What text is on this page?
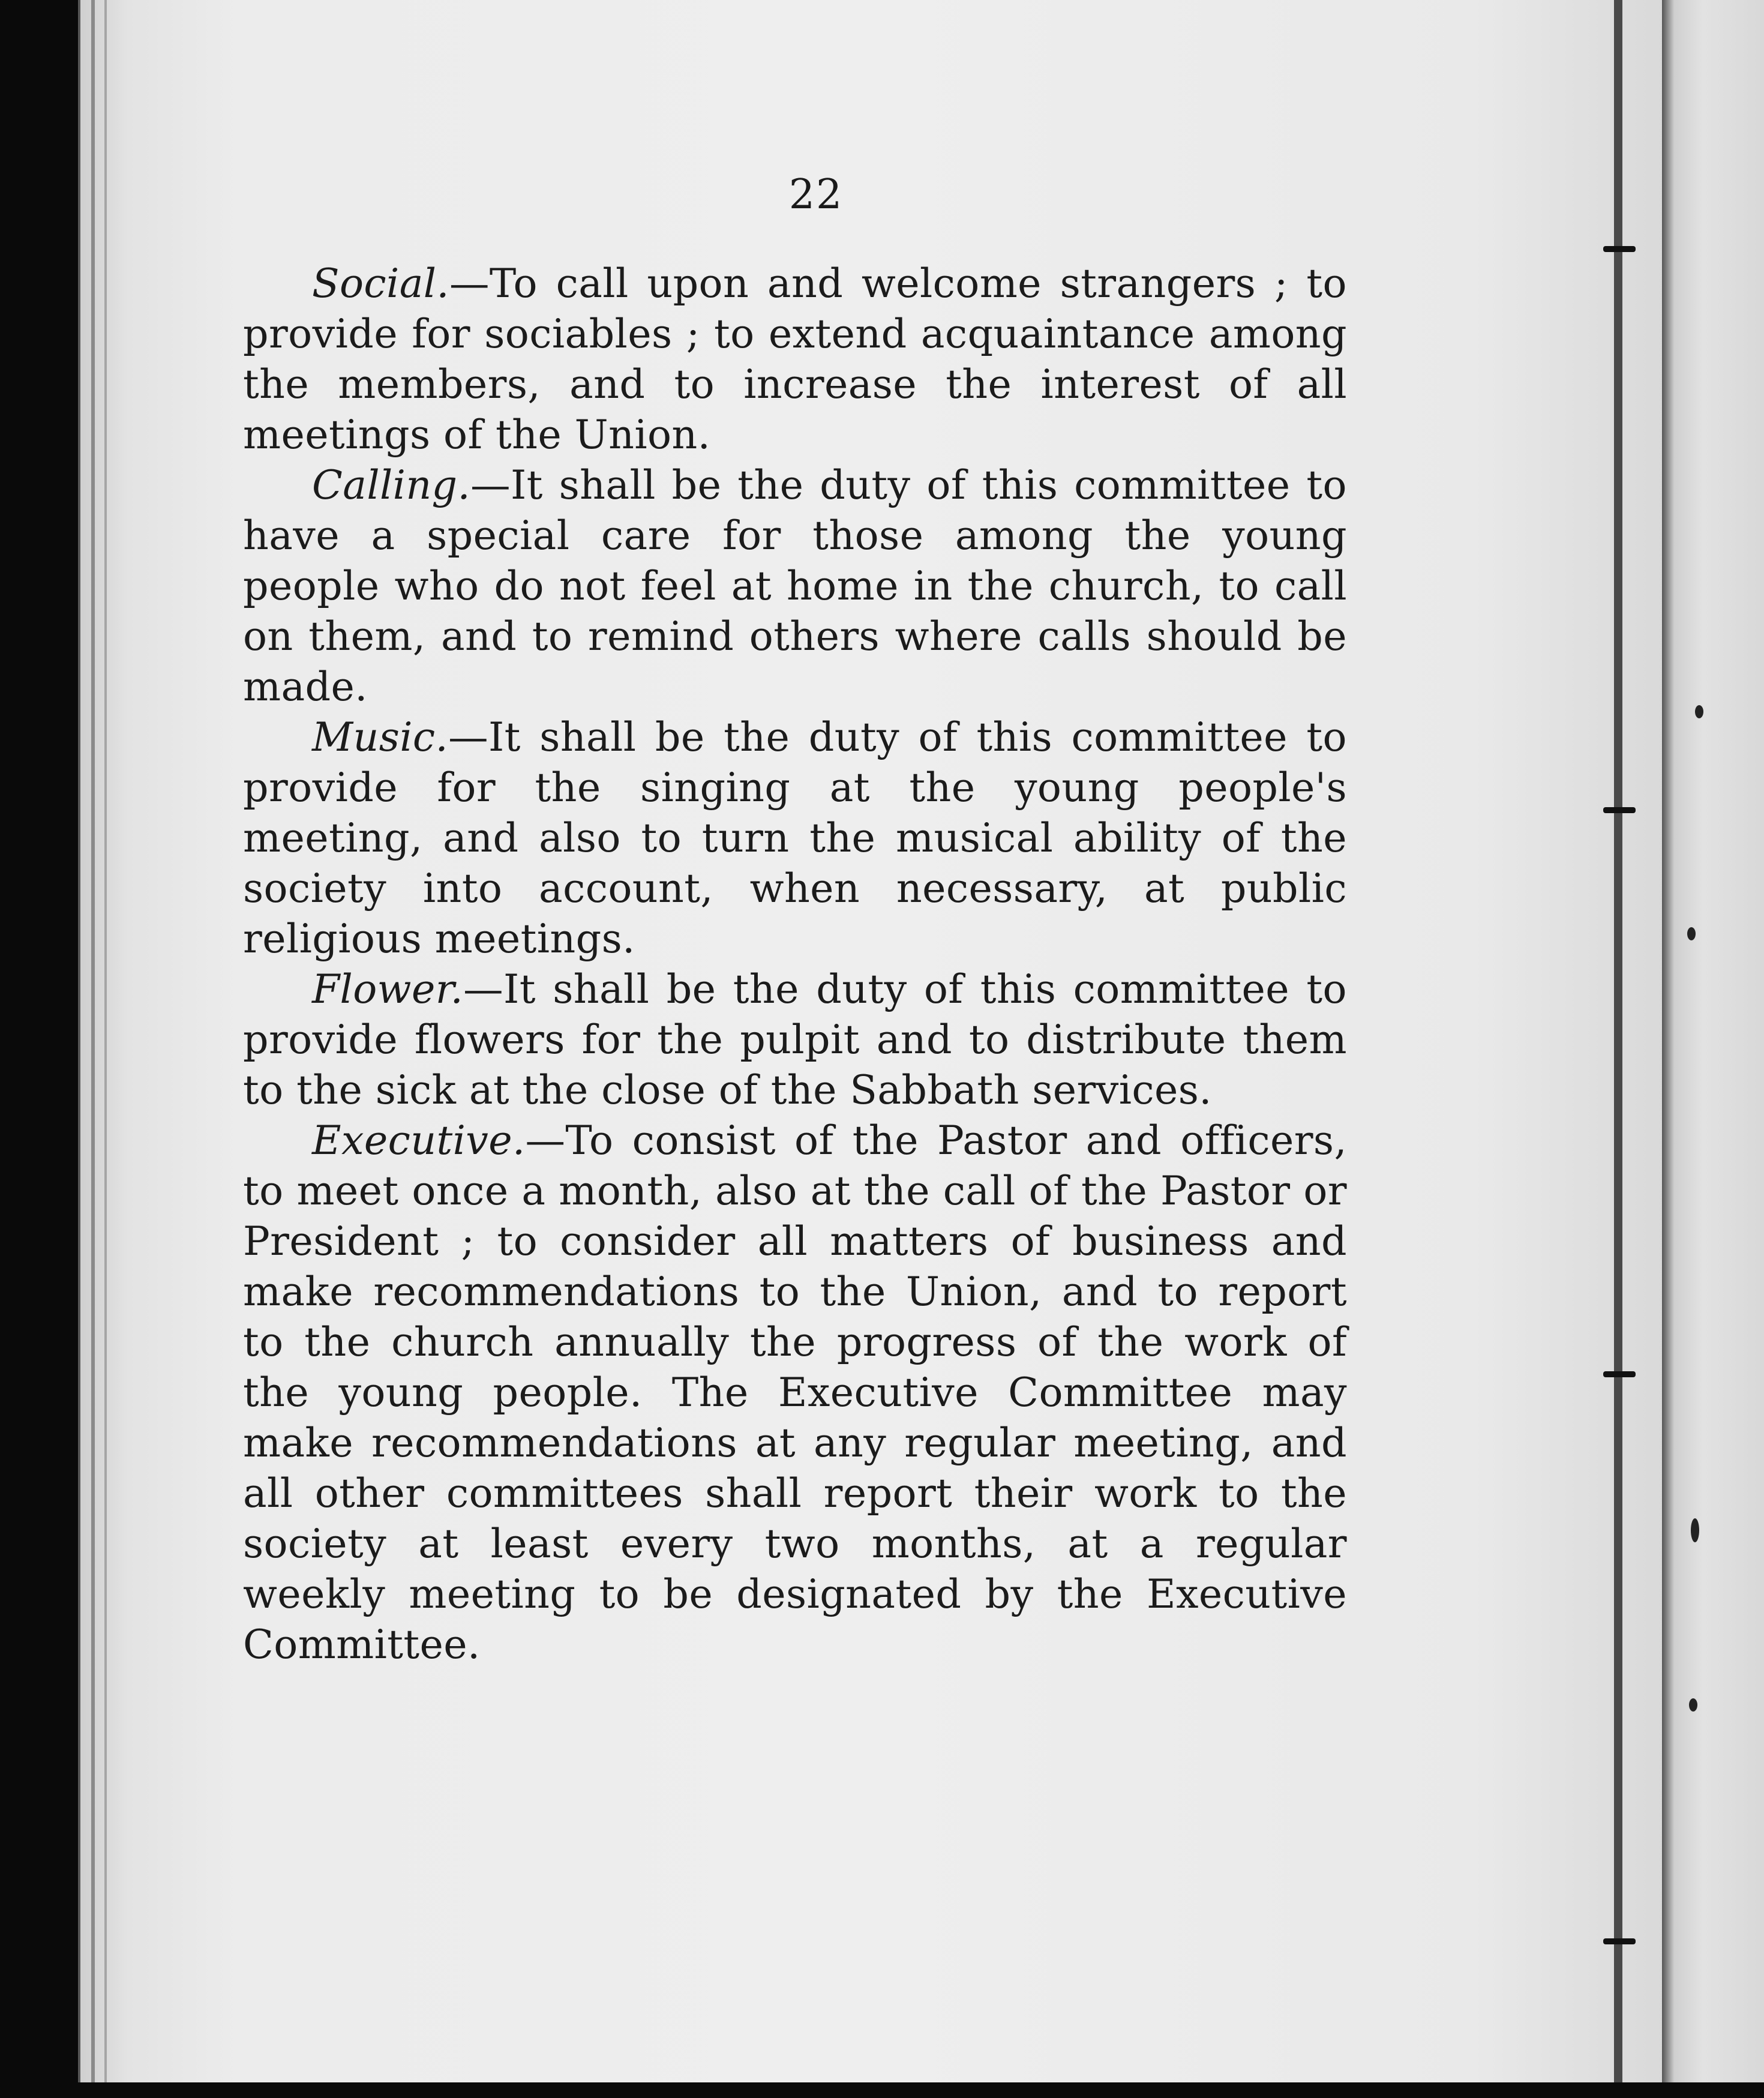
22

Social.—To call upon and welcome strangers ; to provide for sociables ; to extend acquaintance among the members, and to increase the interest of all meetings of the Union.

Calling.—It shall be the duty of this committee to have a special care for those among the young people who do not feel at home in the church, to call on them, and to remind others where calls should be made.

Music.—It shall be the duty of this committee to provide for the singing at the young people's meeting, and also to turn the musical ability of the society into account, when necessary, at public religious meetings.

Flower.—It shall be the duty of this committee to provide flowers for the pulpit and to distribute them to the sick at the close of the Sabbath services.

Executive.—To consist of the Pastor and officers, to meet once a month, also at the call of the Pastor or President ; to consider all matters of business and make recommendations to the Union, and to report to the church annually the progress of the work of the young people. The Executive Committee may make recommendations at any regular meeting, and all other committees shall report their work to the society at least every two months, at a regular weekly meeting to be designated by the Executive Committee.
